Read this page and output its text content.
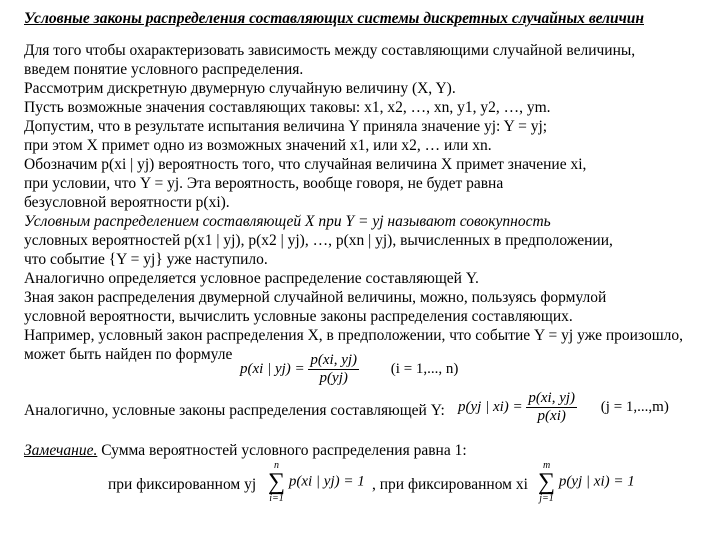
Условные законы распределения составляющих системы дискретных случайных величин
Для того чтобы охарактеризовать зависимость между составляющими случайной величины,
введем понятие условного распределения.
Рассмотрим дискретную двумерную случайную величину (X, Y).
Пусть возможные значения составляющих таковы: x1, x2, …, xn, y1, y2, …, ym.
Допустим, что в результате испытания величина Y приняла значение yj: Y = yj;
при этом X примет одно из возможных значений x1, или x2, … или xn.
Обозначим p(xi | yj) вероятность того, что случайная величина X примет значение xi,
при условии, что Y = yj. Эта вероятность, вообще говоря, не будет равна
безусловной вероятности p(xi).
Условным распределением составляющей X при Y = yj называют совокупность
условных вероятностей p(x1 | yj), p(x2 | yj), …, p(xn | yj), вычисленных в предположении,
что событие {Y = yj} уже наступило.
Аналогично определяется условное распределение составляющей Y.
Зная закон распределения двумерной случайной величины, можно, пользуясь формулой
условной вероятности, вычислить условные законы распределения составляющих.
Например, условный закон распределения X, в предположении, что событие Y = yj уже произошло,
может быть найден по формуле
p(xi | $yj) = \frac{p(xi, yj)}{p(yj)} (i = 1$,..., n)
Аналогично, условные законы распределения составляющей Y: p(yj | $xi) = \frac{p(xi, yj)}{p(xi)} (j = 1,...,m)$
Замечание. Сумма вероятностей условного распределения равна 1:
при фиксированном yj
n
∑
i=1
p(xi | yj) = 1 , при фиксированном xi
m
∑
j=1
p(yj | xi) = 1
